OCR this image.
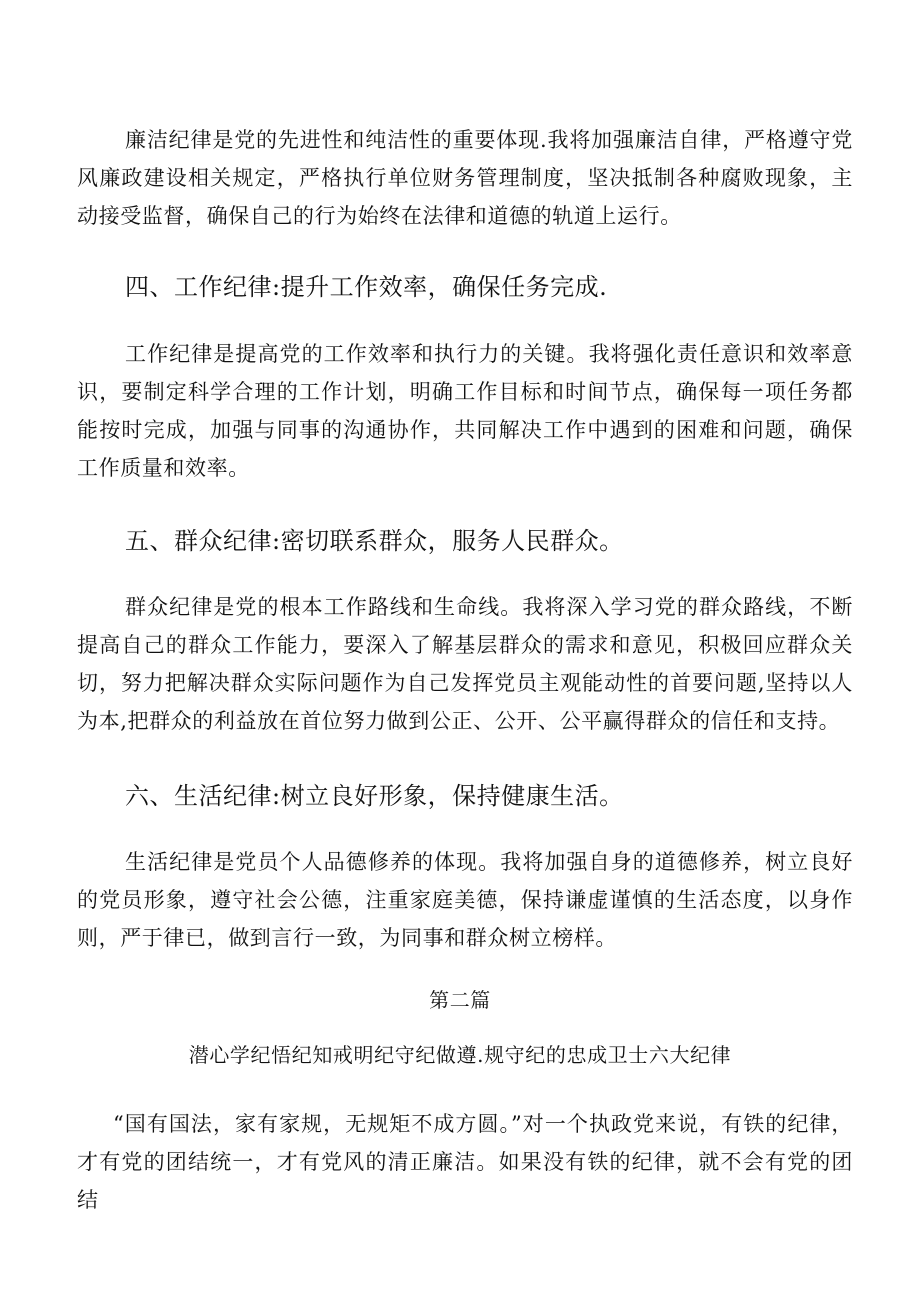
廉洁纪律是党的先进性和纯洁性的重要体现.我将加强廉洁自律，严格遵守党风廉政建设相关规定，严格执行单位财务管理制度，坚决抵制各种腐败现象，主动接受监督，确保自己的行为始终在法律和道德的轨道上运行。

四、工作纪律:提升工作效率，确保任务完成.

工作纪律是提高党的工作效率和执行力的关键。我将强化责任意识和效率意识，要制定科学合理的工作计划，明确工作目标和时间节点，确保每一项任务都能按时完成，加强与同事的沟通协作，共同解决工作中遇到的困难和问题，确保工作质量和效率。

五、群众纪律:密切联系群众，服务人民群众。

群众纪律是党的根本工作路线和生命线。我将深入学习党的群众路线，不断提高自己的群众工作能力，要深入了解基层群众的需求和意见，积极回应群众关切，努力把解决群众实际问题作为自己发挥党员主观能动性的首要问题,坚持以人为本,把群众的利益放在首位努力做到公正、公开、公平赢得群众的信任和支持。

六、生活纪律:树立良好形象，保持健康生活。

生活纪律是党员个人品德修养的体现。我将加强自身的道德修养，树立良好的党员形象，遵守社会公德，注重家庭美德，保持谦虚谨慎的生活态度，以身作则，严于律已，做到言行一致，为同事和群众树立榜样。

第二篇

潜心学纪悟纪知戒明纪守纪做遵.规守纪的忠成卫士六大纪律

“国有国法，家有家规，无规矩不成方圆。”对一个执政党来说，有铁的纪律，才有党的团结统一，才有党风的清正廉洁。如果没有铁的纪律，就不会有党的团结
